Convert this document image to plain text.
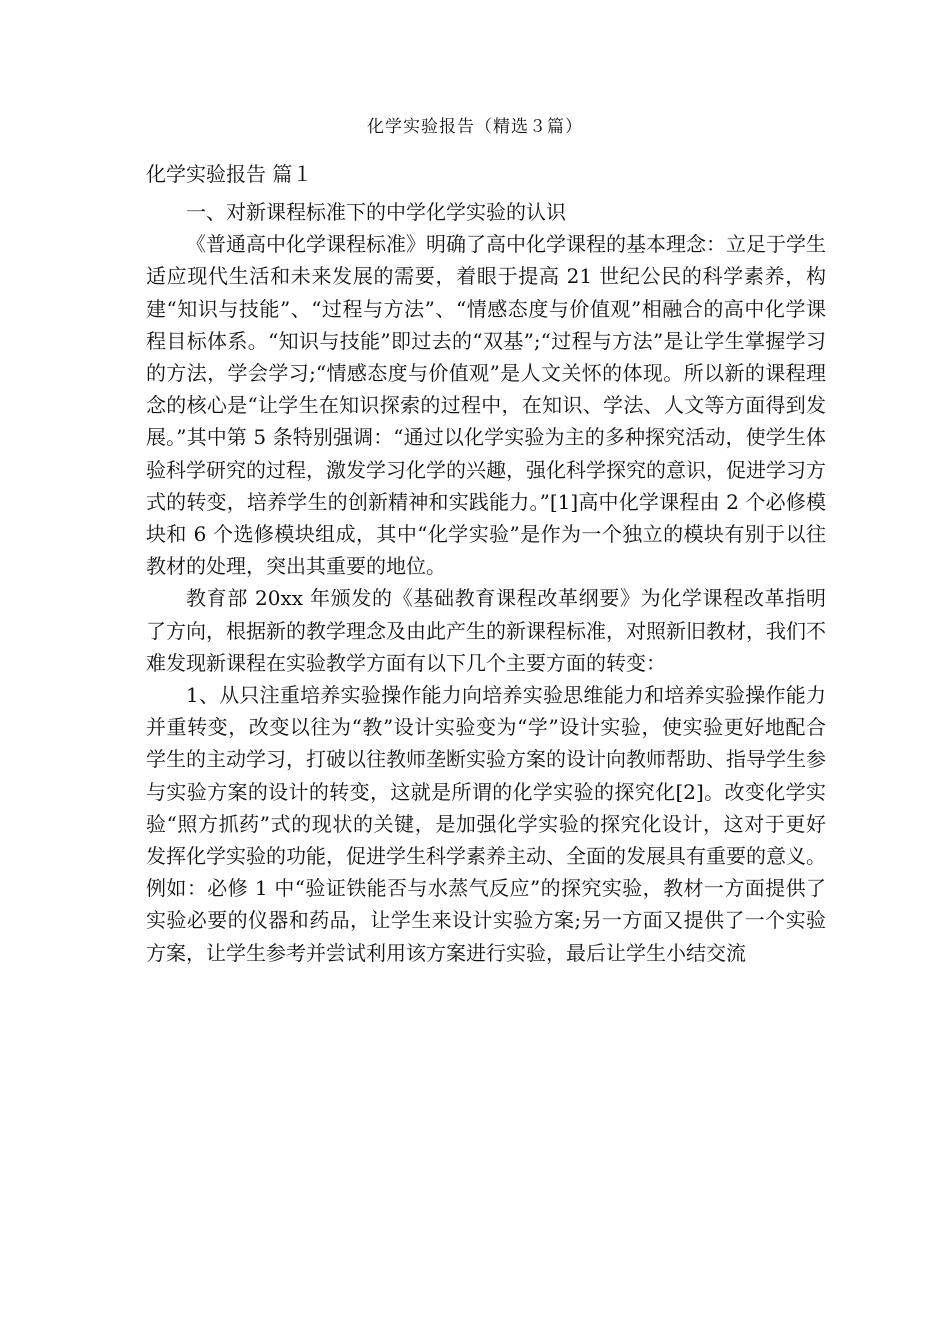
化学实验报告（精选３篇）
化学实验报告 篇１

一、对新课程标准下的中学化学实验的认识

《普通高中化学课程标准》明确了高中化学课程的基本理念：立足于学生适应现代生活和未来发展的需要，着眼于提高 21 世纪公民的科学素养，构建“知识与技能”、“过程与方法”、“情感态度与价值观”相融合的高中化学课程目标体系。“知识与技能”即过去的“双基”;“过程与方法”是让学生掌握学习的方法，学会学习;“情感态度与价值观”是人文关怀的体现。所以新的课程理念的核心是“让学生在知识探索的过程中，在知识、学法、人文等方面得到发展。”其中第 5 条特别强调：“通过以化学实验为主的多种探究活动，使学生体验科学研究的过程，激发学习化学的兴趣，强化科学探究的意识，促进学习方式的转变，培养学生的创新精神和实践能力。”[1]高中化学课程由 2 个必修模块和 6 个选修模块组成，其中“化学实验”是作为一个独立的模块有别于以往教材的处理，突出其重要的地位。

教育部 20xx 年颁发的《基础教育课程改革纲要》为化学课程改革指明了方向，根据新的教学理念及由此产生的新课程标准，对照新旧教材，我们不难发现新课程在实验教学方面有以下几个主要方面的转变：

1、从只注重培养实验操作能力向培养实验思维能力和培养实验操作能力并重转变，改变以往为“教”设计实验变为“学”设计实验，使实验更好地配合学生的主动学习，打破以往教师垄断实验方案的设计向教师帮助、指导学生参与实验方案的设计的转变，这就是所谓的化学实验的探究化[2]。改变化学实验“照方抓药”式的现状的关键，是加强化学实验的探究化设计，这对于更好发挥化学实验的功能，促进学生科学素养主动、全面的发展具有重要的意义。例如：必修 1 中“验证铁能否与水蒸气反应”的探究实验，教材一方面提供了实验必要的仪器和药品，让学生来设计实验方案;另一方面又提供了一个实验方案，让学生参考并尝试利用该方案进行实验，最后让学生小结交流
